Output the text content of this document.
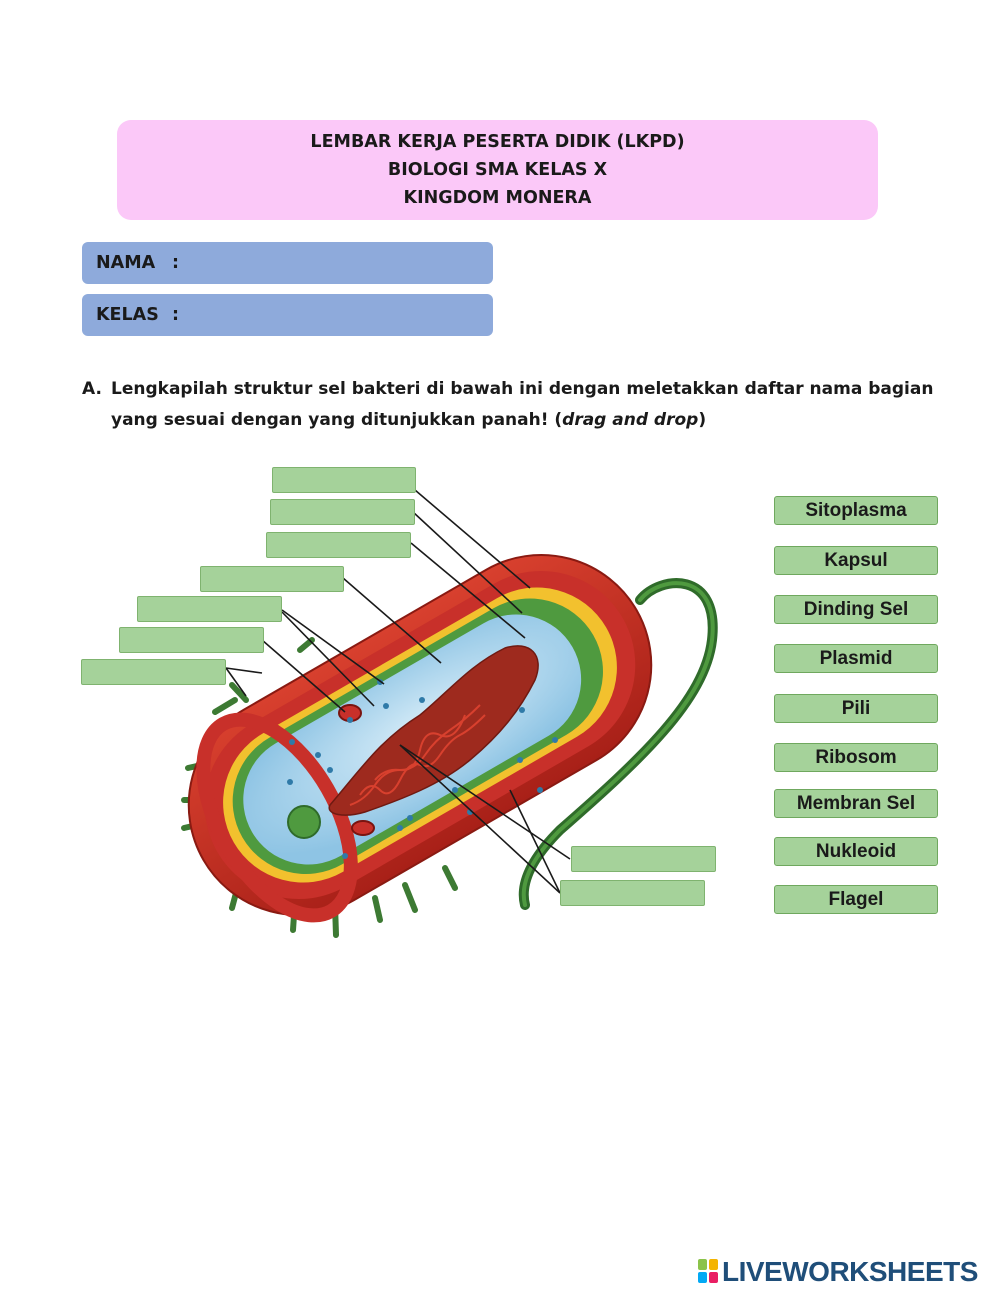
LEMBAR KERJA PESERTA DIDIK (LKPD)
BIOLOGI SMA KELAS X
KINGDOM MONERA
NAMA :
KELAS :
A. Lengkapilah struktur sel bakteri di bawah ini dengan meletakkan daftar nama bagian yang sesuai dengan yang ditunjukkan panah! (drag and drop)
Sitoplasma
Kapsul
Dinding Sel
Plasmid
Pili
Ribosom
Membran Sel
Nukleoid
Flagel
LIVEWORKSHEETS
